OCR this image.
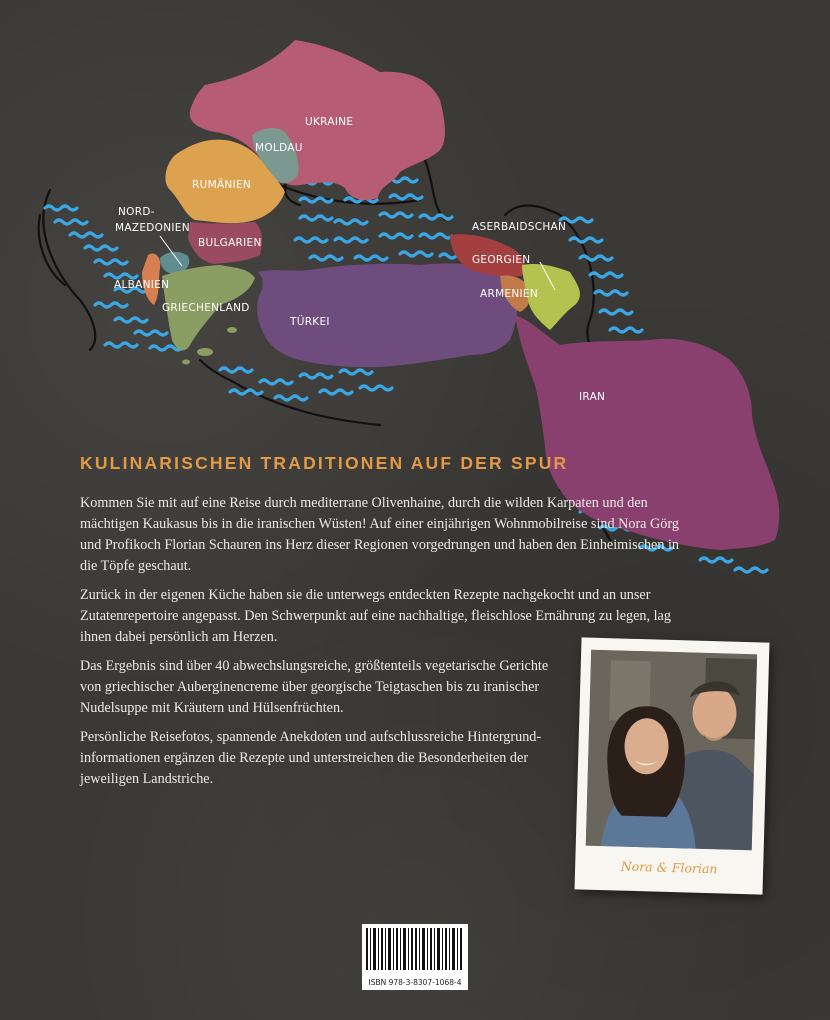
UKRAINE
MOLDAU
RUMÄNIEN
NORD-
MAZEDONIEN
BULGARIEN
ALBANIEN
GRIECHENLAND
TÜRKEI
ASERBAIDSCHAN
GEORGIEN
ARMENIEN
IRAN
KULINARISCHEN TRADITIONEN AUF DER SPUR

Kommen Sie mit auf eine Reise durch mediterrane Olivenhaine, durch die wilden Karpaten und den mächtigen Kaukasus bis in die iranischen Wüsten! Auf einer einjährigen Wohnmobilreise sind Nora Görg und Profikoch Florian Schauren ins Herz dieser Regionen vorgedrungen und haben den Einheimischen in die Töpfe geschaut.

Zurück in der eigenen Küche haben sie die unterwegs entdeckten Rezepte nachgekocht und an unser Zutatenrepertoire angepasst. Den Schwerpunkt auf eine nachhaltige, fleischlose Ernährung zu legen, lag ihnen dabei persönlich am Herzen.

Das Ergebnis sind über 40 abwechslungsreiche, größtenteils vegetarische Gerichte von griechischer Auberginencreme über georgische Teigtaschen bis zu iranischer Nudelsuppe mit Kräutern und Hülsenfrüchten.

Persönliche Reisefotos, spannende Anekdoten und aufschlussreiche Hintergrundinformationen ergänzen die Rezepte und unterstreichen die Besonderheiten der jeweiligen Landstriche.

Nora & Florian
ISBN 978-3-8307-1068-4
